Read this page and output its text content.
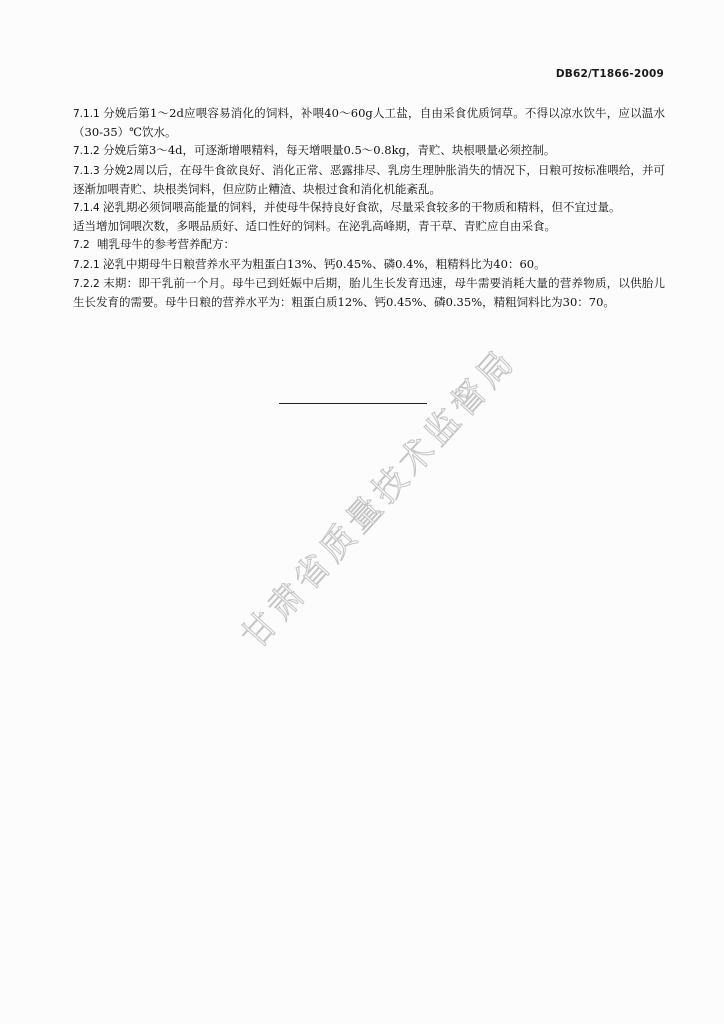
DB62/T1866-2009

7.1.1 分娩后第1～2d应喂容易消化的饲料，补喂40～60g人工盐，自由采食优质饲草。不得以凉水饮牛，应以温水（30-35）℃饮水。

7.1.2 分娩后第3～4d，可逐渐增喂精料，每天增喂量0.5～0.8kg，青贮、块根喂量必须控制。

7.1.3 分娩2周以后，在母牛食欲良好、消化正常、恶露排尽、乳房生理肿胀消失的情况下，日粮可按标准喂给，并可逐渐加喂青贮、块根类饲料，但应防止糟渣、块根过食和消化机能紊乱。

7.1.4 泌乳期必须饲喂高能量的饲料，并使母牛保持良好食欲，尽量采食较多的干物质和精料，但不宜过量。

适当增加饲喂次数，多喂品质好、适口性好的饲料。在泌乳高峰期，青干草、青贮应自由采食。

7.2 哺乳母牛的参考营养配方：

7.2.1 泌乳中期母牛日粮营养水平为粗蛋白13%、钙0.45%、磷0.4%，粗精料比为40：60。

7.2.2 末期：即干乳前一个月。母牛已到妊娠中后期，胎儿生长发育迅速，母牛需要消耗大量的营养物质，以供胎儿生长发育的需要。母牛日粮的营养水平为：粗蛋白质12%、钙0.45%、磷0.35%，精粗饲料比为30：70。

甘肃省质量技术监督局
